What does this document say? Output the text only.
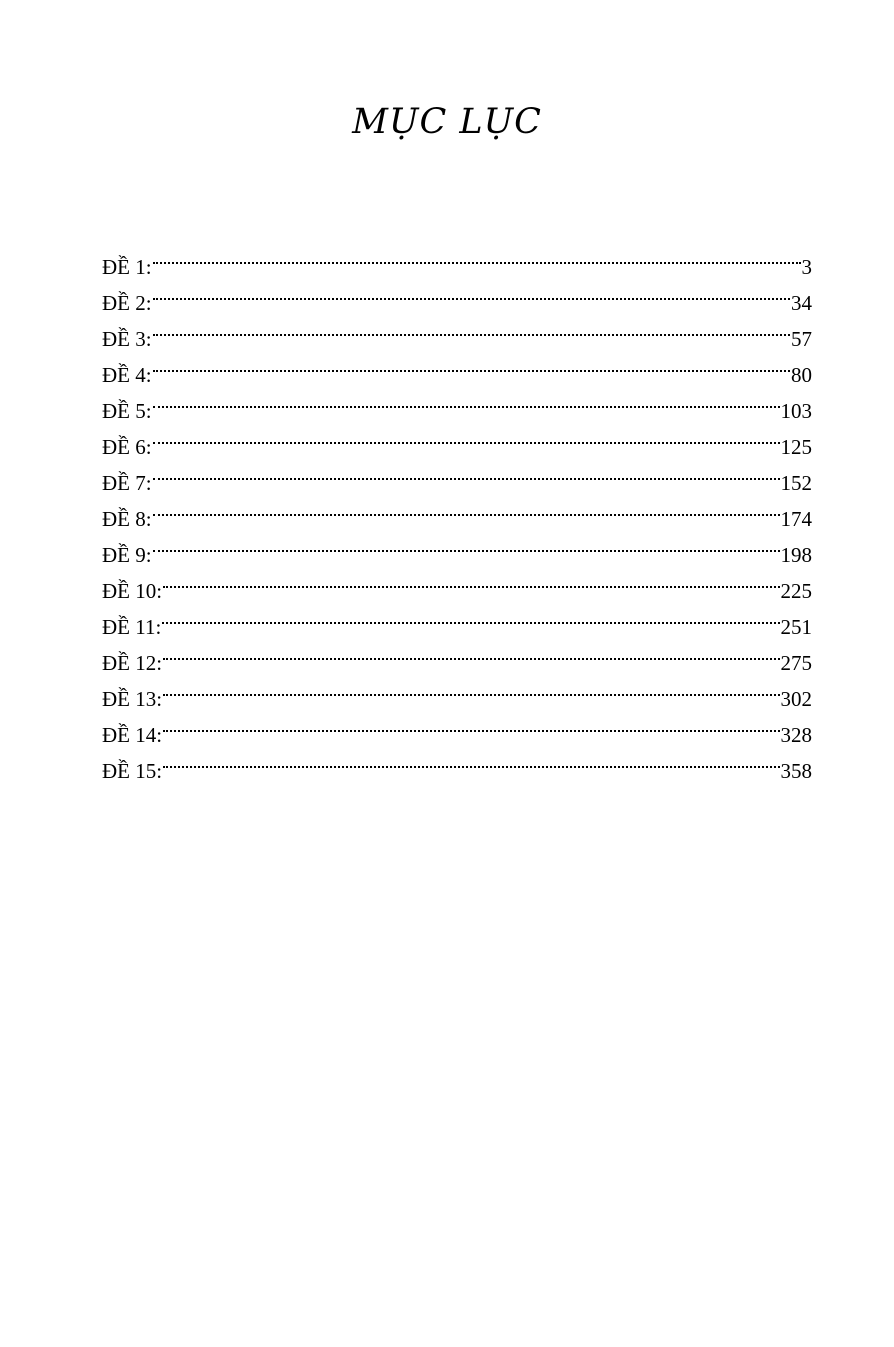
MỤC LỤC
ĐỀ 1:	3
ĐỀ 2:	34
ĐỀ 3:	57
ĐỀ 4:	80
ĐỀ 5:	103
ĐỀ 6:	125
ĐỀ 7:	152
ĐỀ 8:	174
ĐỀ 9:	198
ĐỀ 10:	225
ĐỀ 11:	251
ĐỀ 12:	275
ĐỀ 13:	302
ĐỀ 14:	328
ĐỀ 15:	358
